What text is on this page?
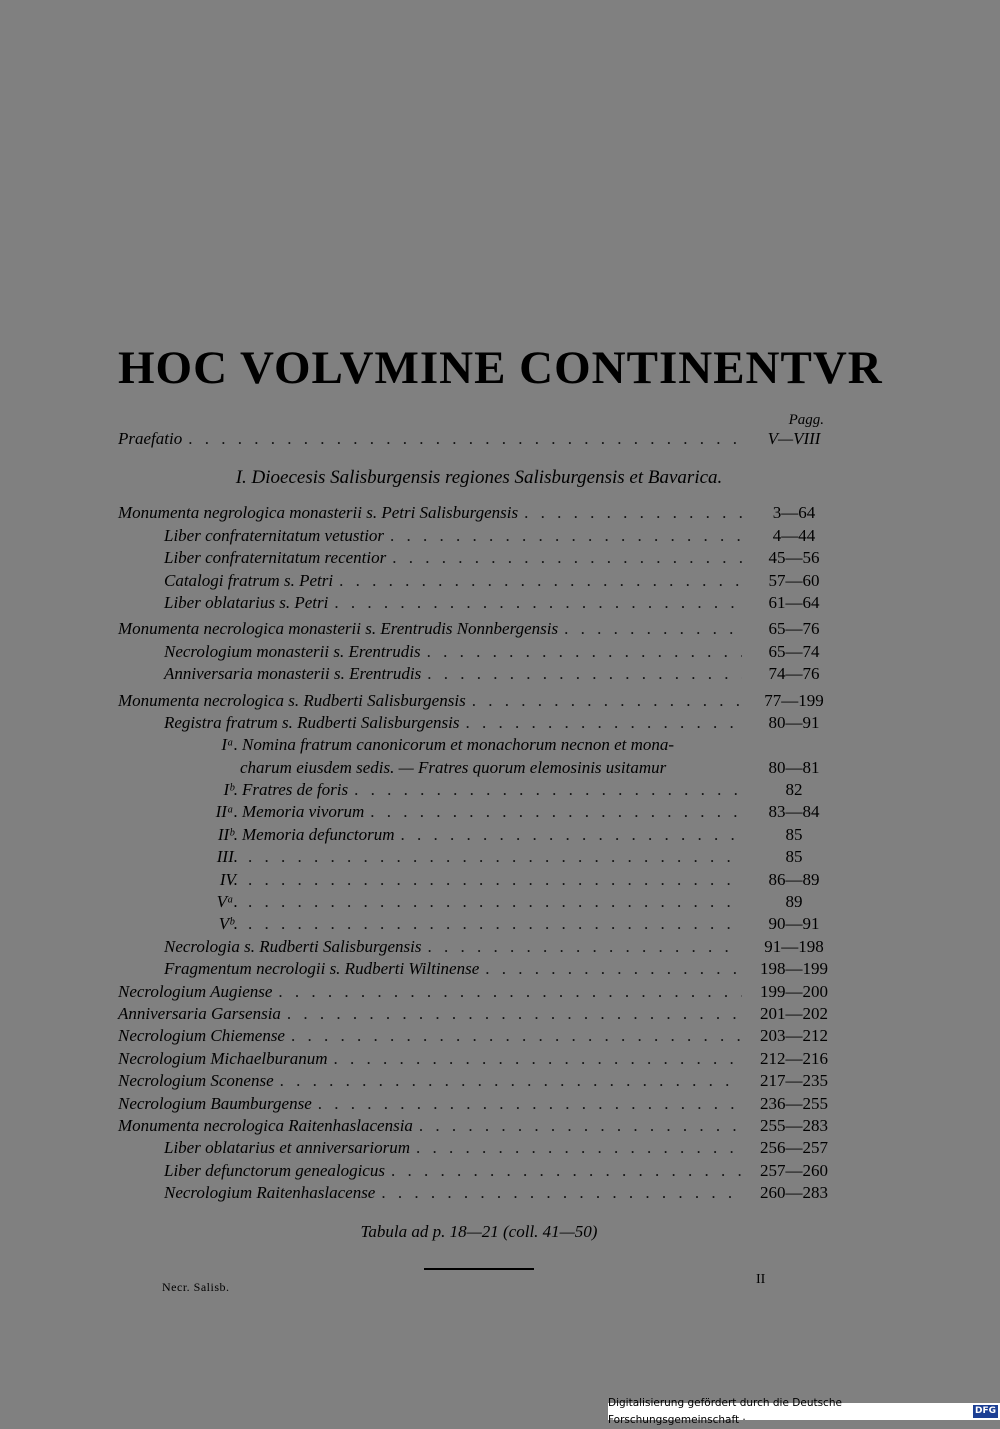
HOC VOLVMINE CONTINENTVR
Pagg.
Praefatio . . .	V—VIII
I. Dioecesis Salisburgensis regiones Salisburgensis et Bavarica.
Monumenta negrologica monasterii s. Petri Salisburgensis . . .	3—64
Liber confraternitatum vetustior . . .	4—44
Liber confraternitatum recentior . . .	45—56
Catalogi fratrum s. Petri . . .	57—60
Liber oblatarius s. Petri . . .	61—64
Monumenta necrologica monasterii s. Erentrudis Nonnbergensis . . .	65—76
Necrologium monasterii s. Erentrudis . . .	65—74
Anniversaria monasterii s. Erentrudis . . .	74—76
Monumenta necrologica s. Rudberti Salisburgensis . . .	77—199
Registra fratrum s. Rudberti Salisburgensis . . .	80—91
Iᵃ. Nomina fratrum canonicorum et monachorum necnon et mona-
charum eiusdem sedis. — Fratres quorum elemosinis usitamur	80—81
Iᵇ. Fratres de foris . . .	82
IIᵃ. Memoria vivorum . . .	83—84
IIᵇ. Memoria defunctorum . . .	85
III. . . .	85
IV. . . .	86—89
Vᵃ. . . .	89
Vᵇ. . . .	90—91
Necrologia s. Rudberti Salisburgensis . . .	91—198
Fragmentum necrologii s. Rudberti Wiltinense . . .	198—199
Necrologium Augiense . . .	199—200
Anniversaria Garsensia . . .	201—202
Necrologium Chiemense . . .	203—212
Necrologium Michaelburanum . . .	212—216
Necrologium Sconense . . .	217—235
Necrologium Baumburgense . . .	236—255
Monumenta necrologica Raitenhaslacensia . . .	255—283
Liber oblatarius et anniversariorum . . .	256—257
Liber defunctorum genealogicus . . .	257—260
Necrologium Raitenhaslacense . . .	260—283
Tabula ad p. 18—21 (coll. 41—50)
Necr. Salisb.	II
Digitalisierung gefördert durch die Deutsche Forschungsgemeinschaft ·
DFG
